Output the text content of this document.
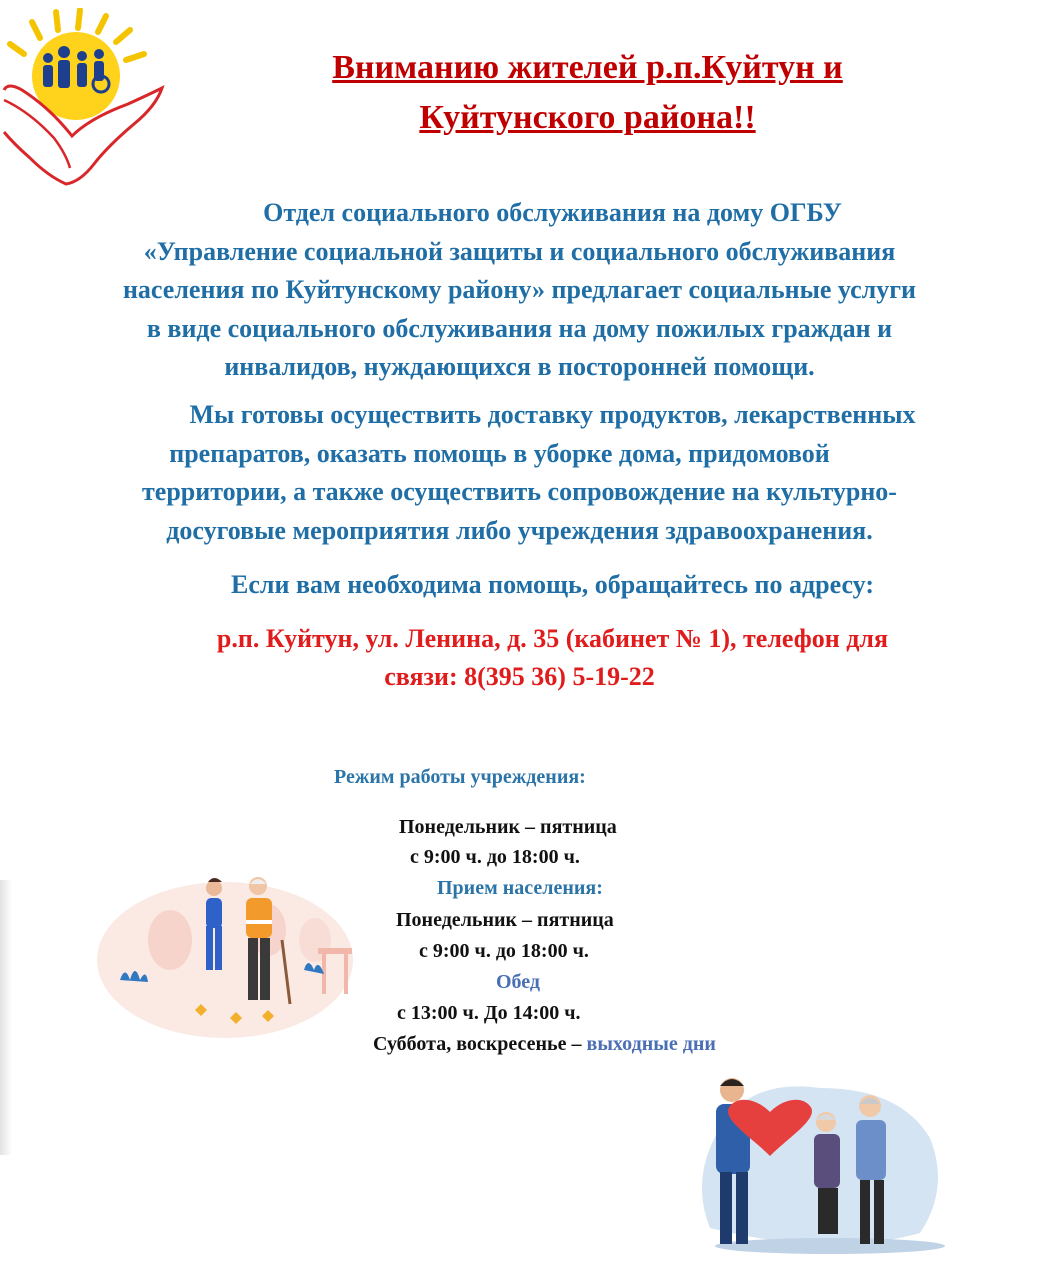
Вниманию жителей р.п.Куйтун и
Куйтунского района!!

Отдел социального обслуживания на дому ОГБУ

«Управление социальной защиты и социального обслуживания

населения по Куйтунскому району» предлагает социальные услуги

в виде социального обслуживания на дому пожилых граждан и

инвалидов, нуждающихся в посторонней помощи.

Мы готовы осуществить доставку продуктов, лекарственных

препаратов, оказать помощь в уборке дома, придомовой

территории, а также осуществить сопровождение на культурно-

досуговые мероприятия либо учреждения здравоохранения.

Если вам необходима помощь, обращайтесь по адресу:

р.п. Куйтун, ул. Ленина, д. 35 (кабинет № 1), телефон для

связи: 8(395 36) 5-19-22

Режим работы учреждения:

Понедельник – пятница

с 9:00 ч. до 18:00 ч.

Прием населения:

Понедельник – пятница

с 9:00 ч. до 18:00 ч.

Обед

с 13:00 ч. До 14:00 ч.

Суббота, воскресенье – выходные дни
